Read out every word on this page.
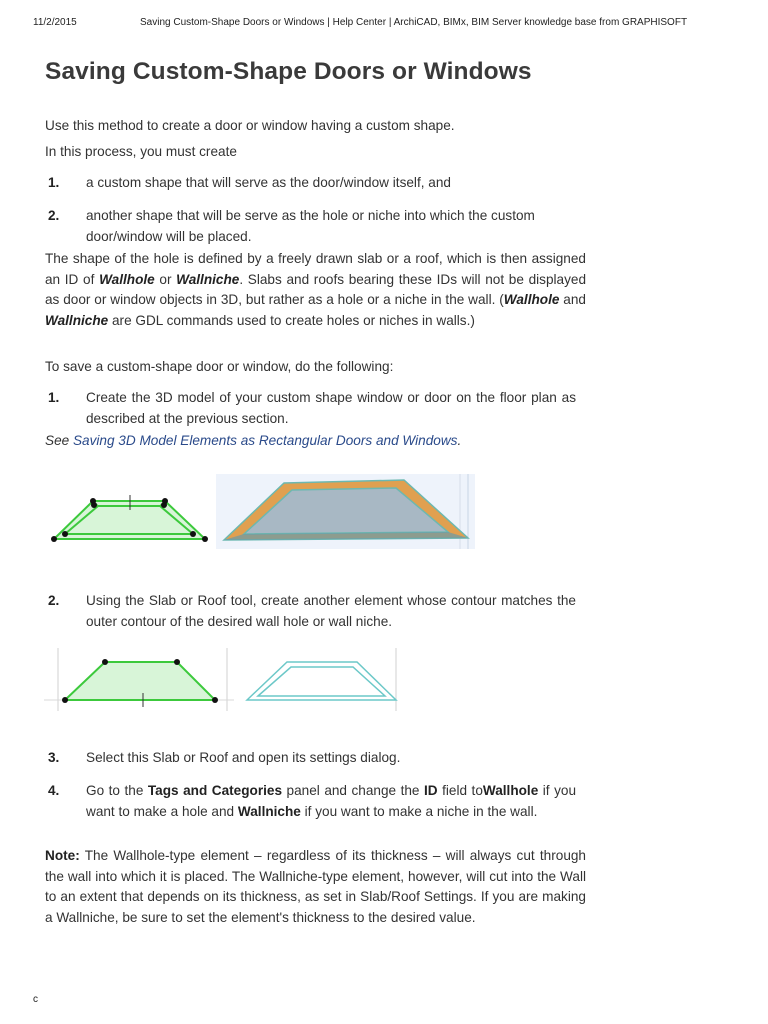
11/2/2015	Saving Custom-Shape Doors or Windows | Help Center | ArchiCAD, BIMx, BIM Server knowledge base from GRAPHISOFT
Saving Custom-Shape Doors or Windows

Use this method to create a door or window having a custom shape.

In this process, you must create

1. a custom shape that will serve as the door/window itself, and
2. another shape that will be serve as the hole or niche into which the custom door/window will be placed.

The shape of the hole is defined by a freely drawn slab or a roof, which is then assigned an ID of Wallhole or Wallniche. Slabs and roofs bearing these IDs will not be displayed as door or window objects in 3D, but rather as a hole or a niche in the wall. (Wallhole and Wallniche are GDL commands used to create holes or niches in walls.)

To save a custom-shape door or window, do the following:

1. Create the 3D model of your custom shape window or door on the floor plan as described at the previous section.

See Saving 3D Model Elements as Rectangular Doors and Windows.

2. Using the Slab or Roof tool, create another element whose contour matches the outer contour of the desired wall hole or wall niche.
3. Select this Slab or Roof and open its settings dialog.
4. Go to the Tags and Categories panel and change the ID field toWallhole if you want to make a hole and Wallniche if you want to make a niche in the wall.

Note: The Wallhole-type element – regardless of its thickness – will always cut through the wall into which it is placed. The Wallniche-type element, however, will cut into the Wall to an extent that depends on its thickness, as set in Slab/Roof Settings. If you are making a Wallniche, be sure to set the element's thickness to the desired value.

c
